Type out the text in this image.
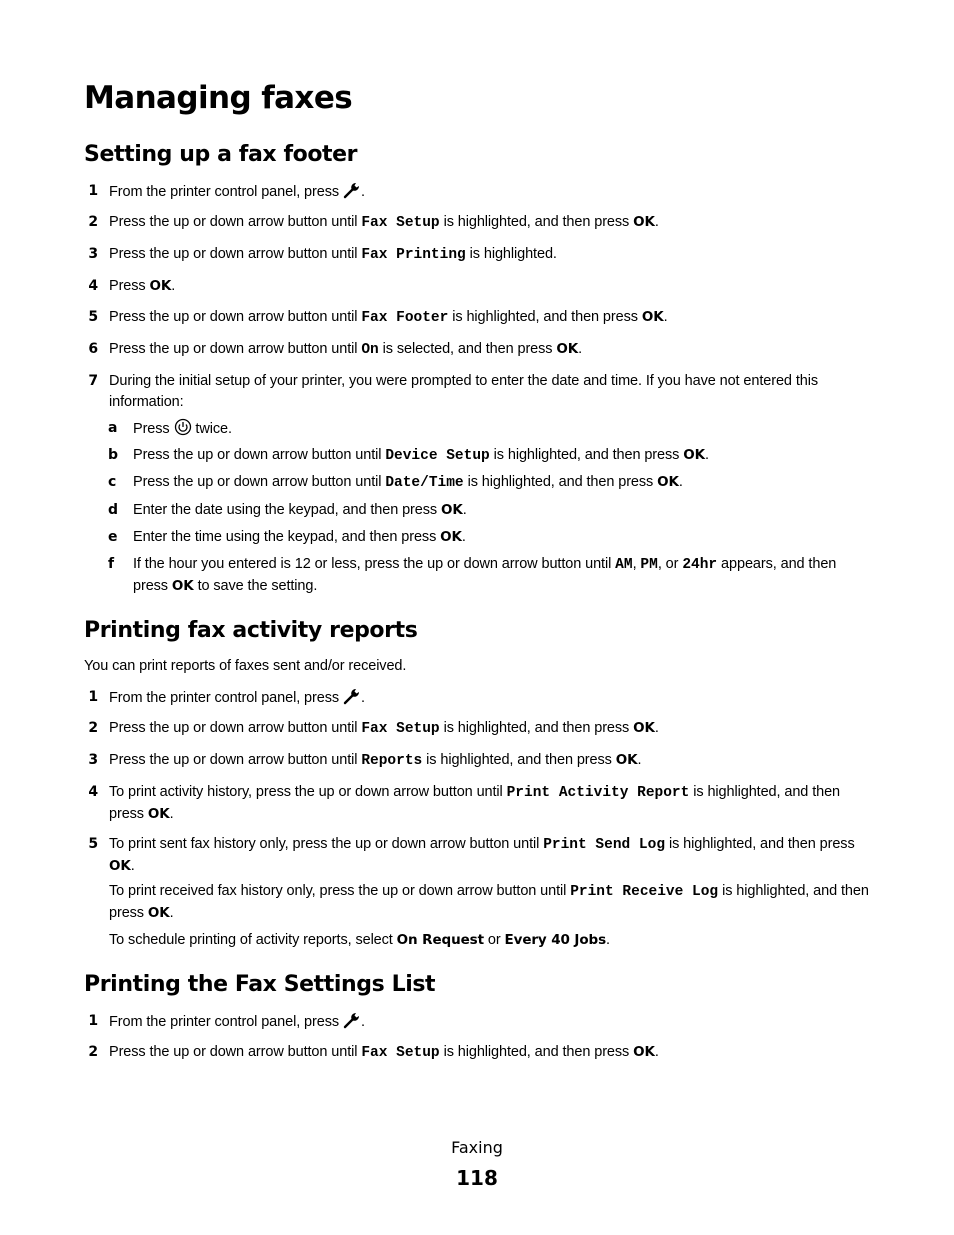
Managing faxes
Setting up a fax footer
1 From the printer control panel, press .
2 Press the up or down arrow button until Fax Setup is highlighted, and then press OK.
3 Press the up or down arrow button until Fax Printing is highlighted.
4 Press OK.
5 Press the up or down arrow button until Fax Footer is highlighted, and then press OK.
6 Press the up or down arrow button until On is selected, and then press OK.
7 During the initial setup of your printer, you were prompted to enter the date and time. If you have not entered this information:
a	Press  twice.
b Press the up or down arrow button until Device Setup is highlighted, and then press OK.
c	Press the up or down arrow button until Date/Time is highlighted, and then press OK.
d Enter the date using the keypad, and then press OK.
e	Enter the time using the keypad, and then press OK.
f	If the hour you entered is 12 or less, press the up or down arrow button until AM, PM, or 24hr appears, and then press OK to save the setting.
Printing fax activity reports
You can print reports of faxes sent and/or received.
1 From the printer control panel, press .
2 Press the up or down arrow button until Fax Setup is highlighted, and then press OK.
3 Press the up or down arrow button until Reports is highlighted, and then press OK.
4 To print activity history, press the up or down arrow button until Print Activity Report is highlighted, and then press OK.
5 To print sent fax history only, press the up or down arrow button until Print Send Log is highlighted, and then press OK.
To print received fax history only, press the up or down arrow button until Print Receive Log is highlighted, and then press OK.
To schedule printing of activity reports, select On Request or Every 40 Jobs.
Printing the Fax Settings List
1 From the printer control panel, press .
2 Press the up or down arrow button until Fax Setup is highlighted, and then press OK.
Faxing
118
